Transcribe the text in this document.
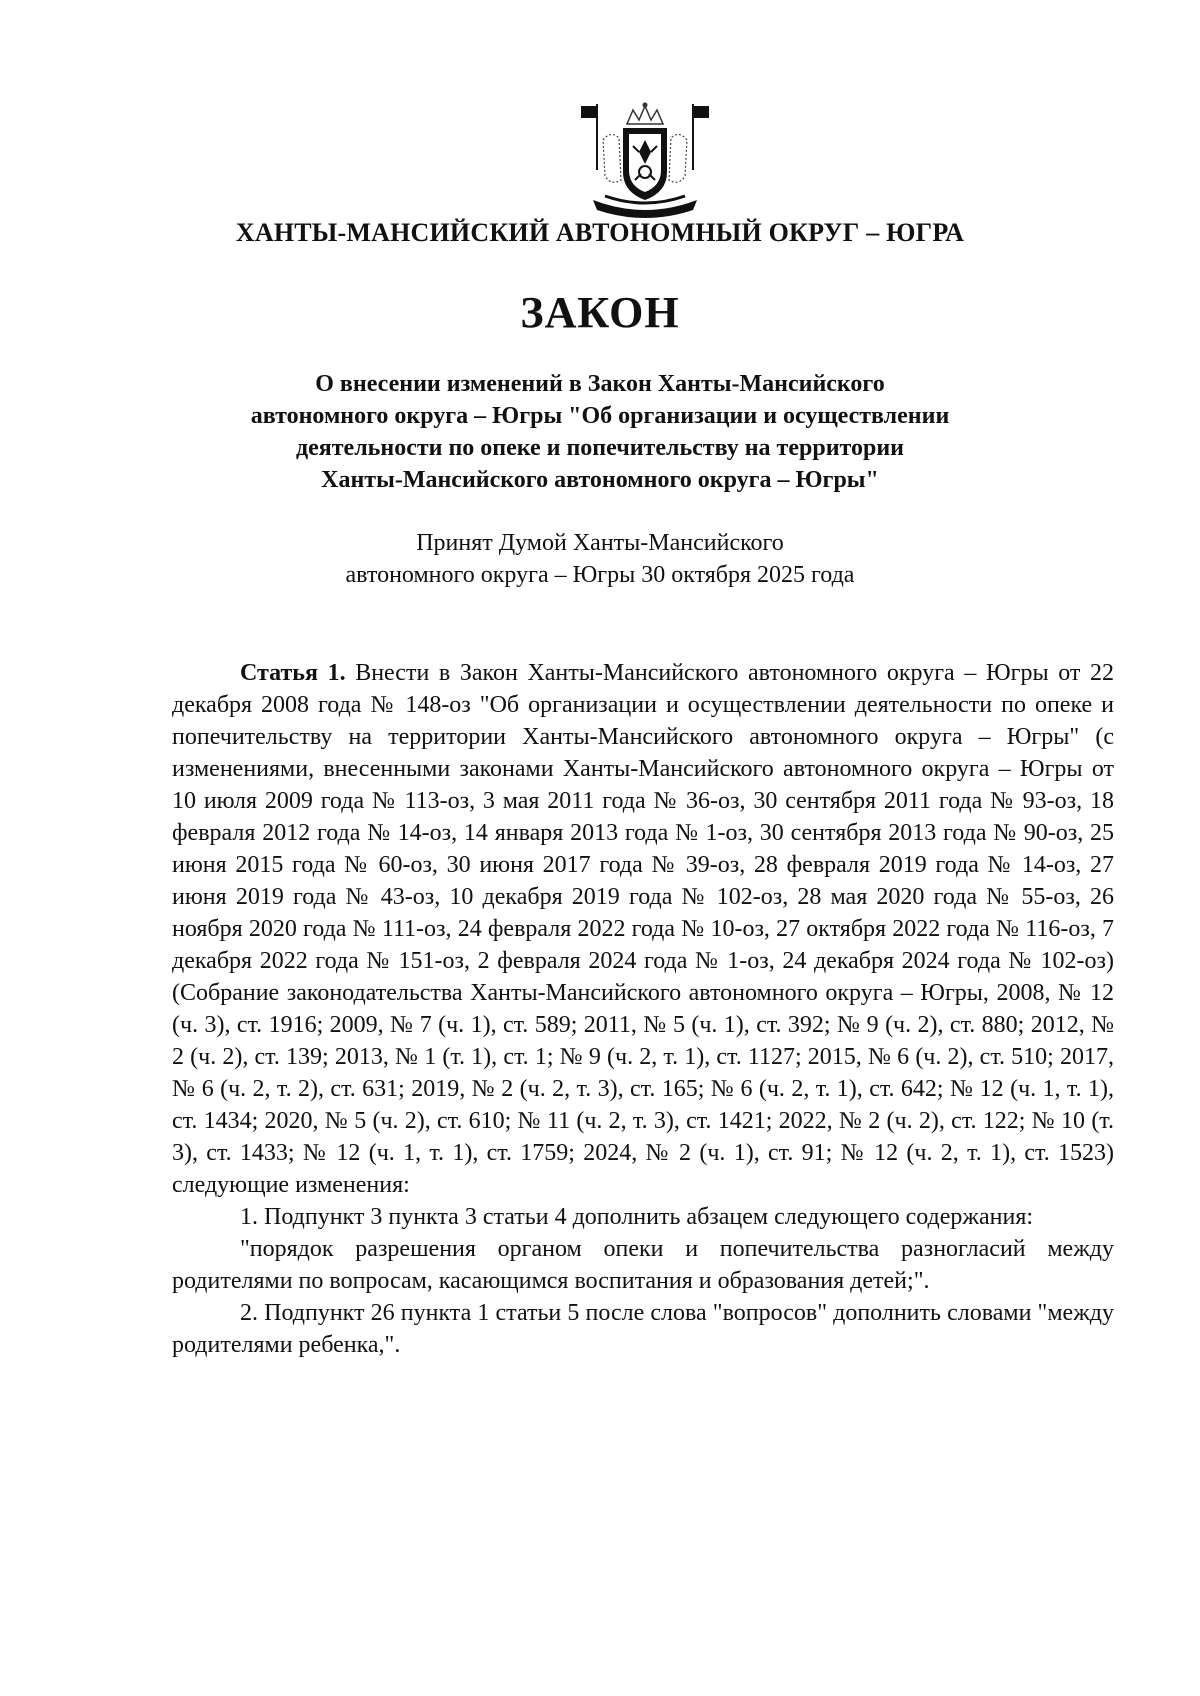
ХАНТЫ-МАНСИЙСКИЙ АВТОНОМНЫЙ ОКРУГ – ЮГРА
ЗАКОН
О внесении изменений в Закон Ханты-Мансийского
автономного округа – Югры "Об организации и осуществлении
деятельности по опеке и попечительству на территории
Ханты-Мансийского автономного округа – Югры"
Принят Думой Ханты-Мансийского
автономного округа – Югры 30 октября 2025 года

Статья 1. Внести в Закон Ханты-Мансийского автономного округа – Югры от 22 декабря 2008 года № 148-оз "Об организации и осуществлении деятельности по опеке и попечительству на территории Ханты-Мансийского автономного округа – Югры" (с изменениями, внесенными законами Ханты-Мансийского автономного округа – Югры от 10 июля 2009 года № 113-оз, 3 мая 2011 года № 36-оз, 30 сентября 2011 года № 93-оз, 18 февраля 2012 года № 14-оз, 14 января 2013 года № 1-оз, 30 сентября 2013 года № 90-оз, 25 июня 2015 года № 60-оз, 30 июня 2017 года № 39-оз, 28 февраля 2019 года № 14-оз, 27 июня 2019 года № 43-оз, 10 декабря 2019 года № 102-оз, 28 мая 2020 года № 55-оз, 26 ноября 2020 года № 111-оз, 24 февраля 2022 года № 10-оз, 27 октября 2022 года № 116-оз, 7 декабря 2022 года № 151-оз, 2 февраля 2024 года № 1-оз, 24 декабря 2024 года № 102-оз) (Собрание законодательства Ханты-Мансийского автономного округа – Югры, 2008, № 12 (ч. 3), ст. 1916; 2009, № 7 (ч. 1), ст. 589; 2011, № 5 (ч. 1), ст. 392; № 9 (ч. 2), ст. 880; 2012, № 2 (ч. 2), ст. 139; 2013, № 1 (т. 1), ст. 1; № 9 (ч. 2, т. 1), ст. 1127; 2015, № 6 (ч. 2), ст. 510; 2017, № 6 (ч. 2, т. 2), ст. 631; 2019, № 2 (ч. 2, т. 3), ст. 165; № 6 (ч. 2, т. 1), ст. 642; № 12 (ч. 1, т. 1), ст. 1434; 2020, № 5 (ч. 2), ст. 610; № 11 (ч. 2, т. 3), ст. 1421; 2022, № 2 (ч. 2), ст. 122; № 10 (т. 3), ст. 1433; № 12 (ч. 1, т. 1), ст. 1759; 2024, № 2 (ч. 1), ст. 91; № 12 (ч. 2, т. 1), ст. 1523) следующие изменения:

1. Подпункт 3 пункта 3 статьи 4 дополнить абзацем следующего содержания:

"порядок разрешения органом опеки и попечительства разногласий между родителями по вопросам, касающимся воспитания и образования детей;".

2. Подпункт 26 пункта 1 статьи 5 после слова "вопросов" дополнить словами "между родителями ребенка,".
